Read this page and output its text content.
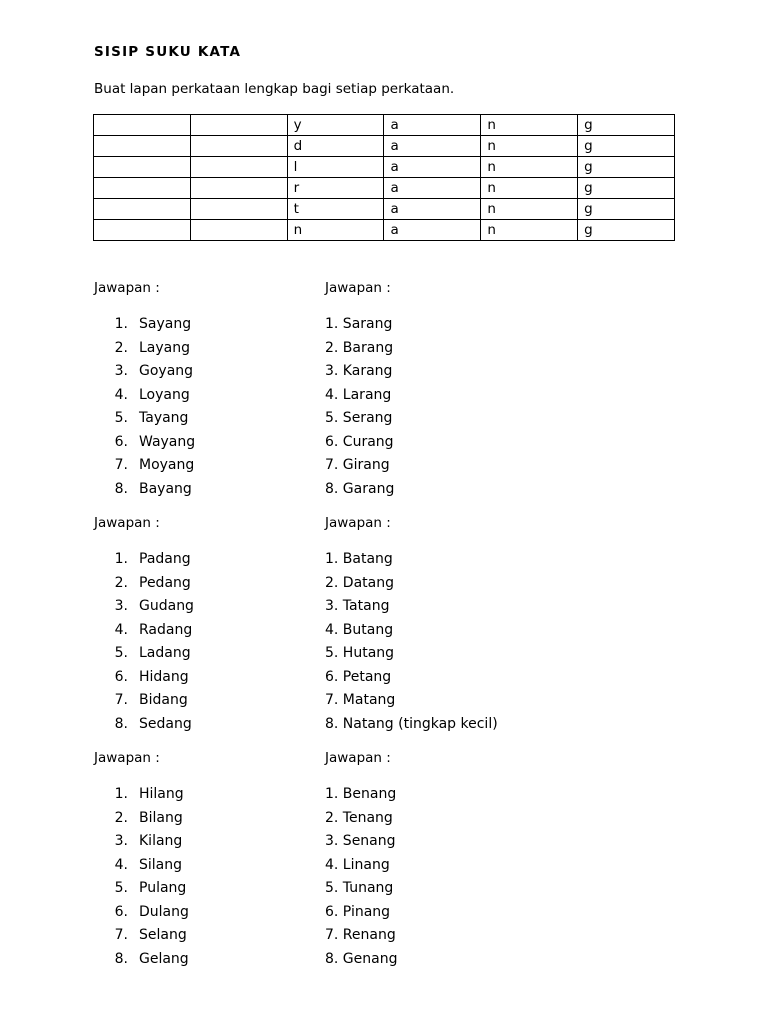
SISIP SUKU KATA
Buat lapan perkataan lengkap bagi setiap perkataan.
		y	a	n	g
		d	a	n	g
		l	a	n	g
		r	a	n	g
		t	a	n	g
		n	a	n	g
Jawapan :
1. Sayang
2. Layang
3. Goyang
4. Loyang
5. Tayang
6. Wayang
7. Moyang
8. Bayang
Jawapan :
1. Sarang
2. Barang
3. Karang
4. Larang
5. Serang
6. Curang
7. Girang
8. Garang
Jawapan :
1. Padang
2. Pedang
3. Gudang
4. Radang
5. Ladang
6. Hidang
7. Bidang
8. Sedang
Jawapan :
1. Batang
2. Datang
3. Tatang
4. Butang
5. Hutang
6. Petang
7. Matang
8. Natang (tingkap kecil)
Jawapan :
1. Hilang
2. Bilang
3. Kilang
4. Silang
5. Pulang
6. Dulang
7. Selang
8. Gelang
Jawapan :
1. Benang
2. Tenang
3. Senang
4. Linang
5. Tunang
6. Pinang
7. Renang
8. Genang
